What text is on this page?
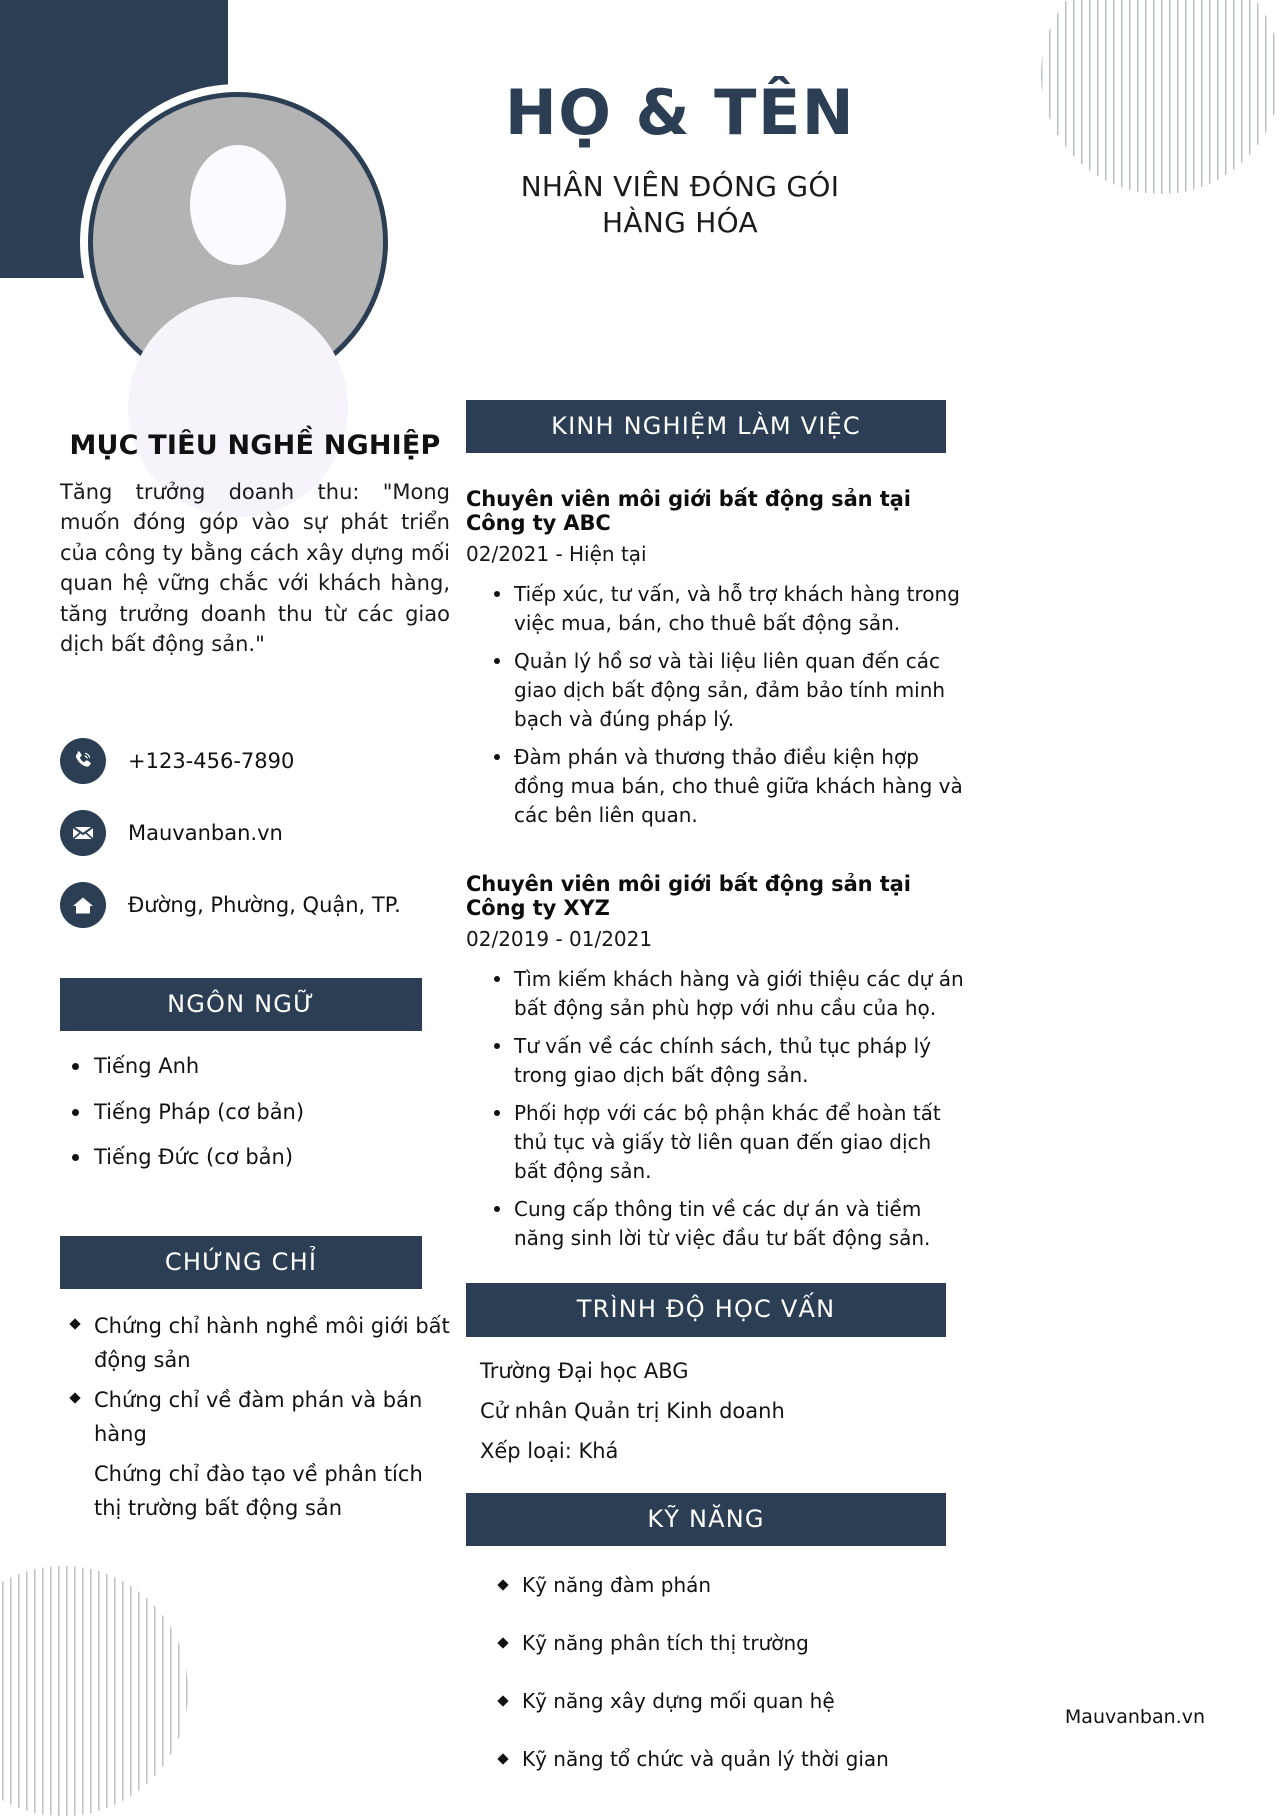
HỌ & TÊN
NHÂN VIÊN ĐÓNG GÓI
HÀNG HÓA
MỤC TIÊU NGHỀ NGHIỆP
Tăng trưởng doanh thu: "Mong muốn đóng góp vào sự phát triển của công ty bằng cách xây dựng mối quan hệ vững chắc với khách hàng, tăng trưởng doanh thu từ các giao dịch bất động sản."
+123-456-7890
Mauvanban.vn
Đường, Phường, Quận, TP.
NGÔN NGỮ
Tiếng Anh
Tiếng Pháp (cơ bản)
Tiếng Đức (cơ bản)
CHỨNG CHỈ
Chứng chỉ hành nghề môi giới bất động sản
Chứng chỉ về đàm phán và bán hàng
Chứng chỉ đào tạo về phân tích thị trường bất động sản
KINH NGHIỆM LÀM VIỆC
Chuyên viên môi giới bất động sản tại Công ty ABC
02/2021 - Hiện tại
Tiếp xúc, tư vấn, và hỗ trợ khách hàng trong việc mua, bán, cho thuê bất động sản.
Quản lý hồ sơ và tài liệu liên quan đến các giao dịch bất động sản, đảm bảo tính minh bạch và đúng pháp lý.
Đàm phán và thương thảo điều kiện hợp đồng mua bán, cho thuê giữa khách hàng và các bên liên quan.
Chuyên viên môi giới bất động sản tại Công ty XYZ
02/2019 - 01/2021
Tìm kiếm khách hàng và giới thiệu các dự án bất động sản phù hợp với nhu cầu của họ.
Tư vấn về các chính sách, thủ tục pháp lý trong giao dịch bất động sản.
Phối hợp với các bộ phận khác để hoàn tất thủ tục và giấy tờ liên quan đến giao dịch bất động sản.
Cung cấp thông tin về các dự án và tiềm năng sinh lời từ việc đầu tư bất động sản.
TRÌNH ĐỘ HỌC VẤN
Trường Đại học ABG
Cử nhân Quản trị Kinh doanh
Xếp loại: Khá
KỸ NĂNG
Kỹ năng đàm phán
Kỹ năng phân tích thị trường
Kỹ năng xây dựng mối quan hệ
Kỹ năng tổ chức và quản lý thời gian
Mauvanban.vn
